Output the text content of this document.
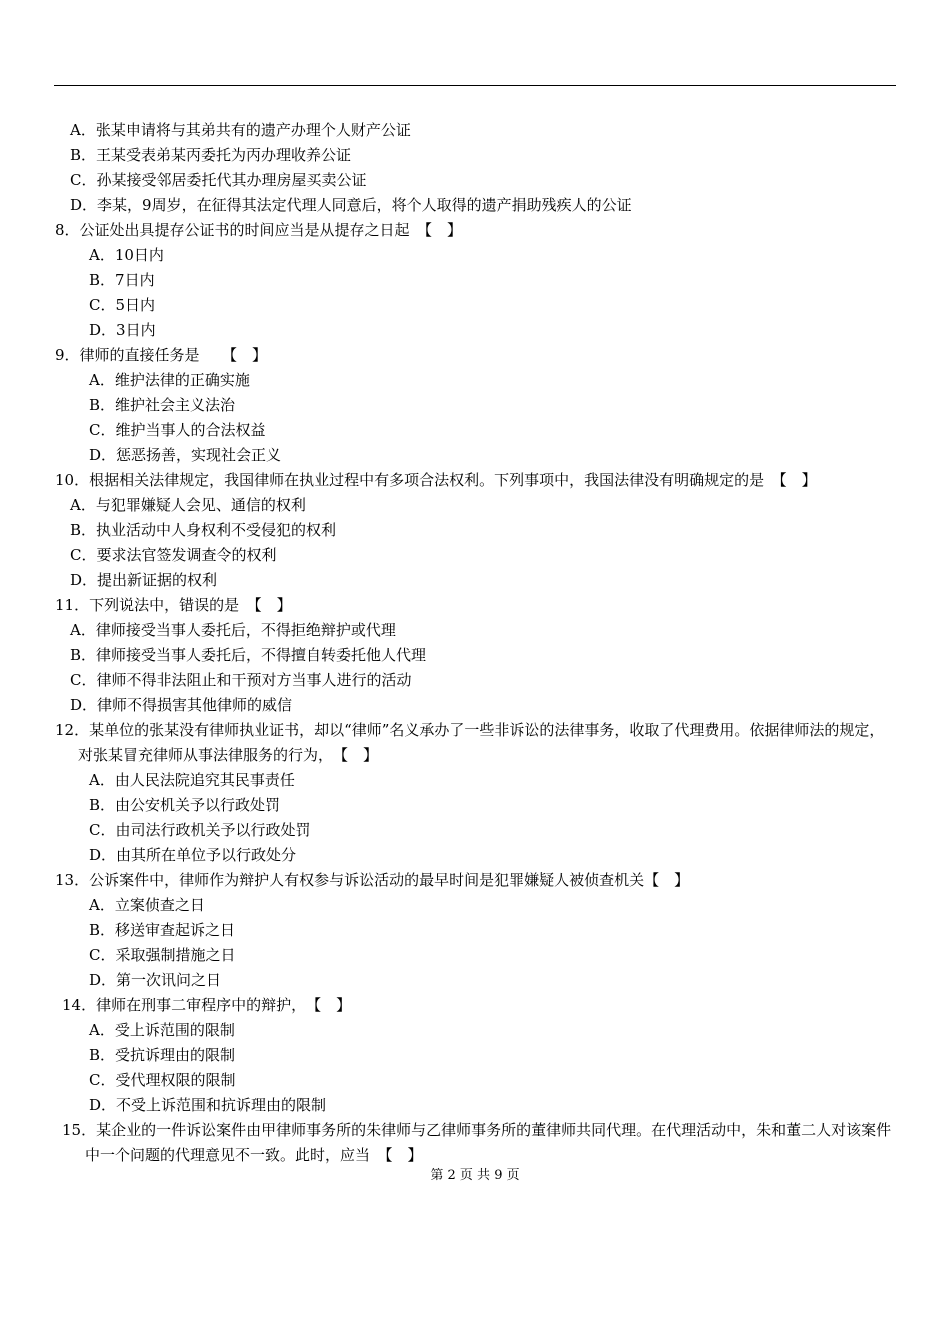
A．张某申请将与其弟共有的遗产办理个人财产公证
B．王某受表弟某丙委托为丙办理收养公证
C．孙某接受邻居委托代其办理房屋买卖公证
D．李某，9周岁，在征得其法定代理人同意后，将个人取得的遗产捐助残疾人的公证
8．公证处出具提存公证书的时间应当是从提存之日起　【　】
A．10日内
B．7日内
C．5日内
D．3日内
9．律师的直接任务是　　【　】
A．维护法律的正确实施
B．维护社会主义法治
C．维护当事人的合法权益
D．惩恶扬善，实现社会正义
10．根据相关法律规定，我国律师在执业过程中有多项合法权利。下列事项中，我国法律没有明确规定的是　【　】
A．与犯罪嫌疑人会见、通信的权利
B．执业活动中人身权利不受侵犯的权利
C．要求法官签发调查令的权利
D．提出新证据的权利
11．下列说法中，错误的是　【　】
A．律师接受当事人委托后，不得拒绝辩护或代理
B．律师接受当事人委托后，不得擅自转委托他人代理
C．律师不得非法阻止和干预对方当事人进行的活动
D．律师不得损害其他律师的威信
12．某单位的张某没有律师执业证书，却以“律师”名义承办了一些非诉讼的法律事务，收取了代理费用。依据律师法的规定，对张某冒充律师从事法律服务的行为，　【　】
A．由人民法院追究其民事责任
B．由公安机关予以行政处罚
C．由司法行政机关予以行政处罚
D．由其所在单位予以行政处分
13．公诉案件中，律师作为辩护人有权参与诉讼活动的最早时间是犯罪嫌疑人被侦查机关【　】
A．立案侦查之日
B．移送审查起诉之日
C．采取强制措施之日
D．第一次讯问之日
14．律师在刑事二审程序中的辩护，　【　】
A．受上诉范围的限制
B．受抗诉理由的限制
C．受代理权限的限制
D．不受上诉范围和抗诉理由的限制
15．某企业的一件诉讼案件由甲律师事务所的朱律师与乙律师事务所的董律师共同代理。在代理活动中，朱和董二人对该案件中一个问题的代理意见不一致。此时，应当　【　】
第 2 页 共 9 页
